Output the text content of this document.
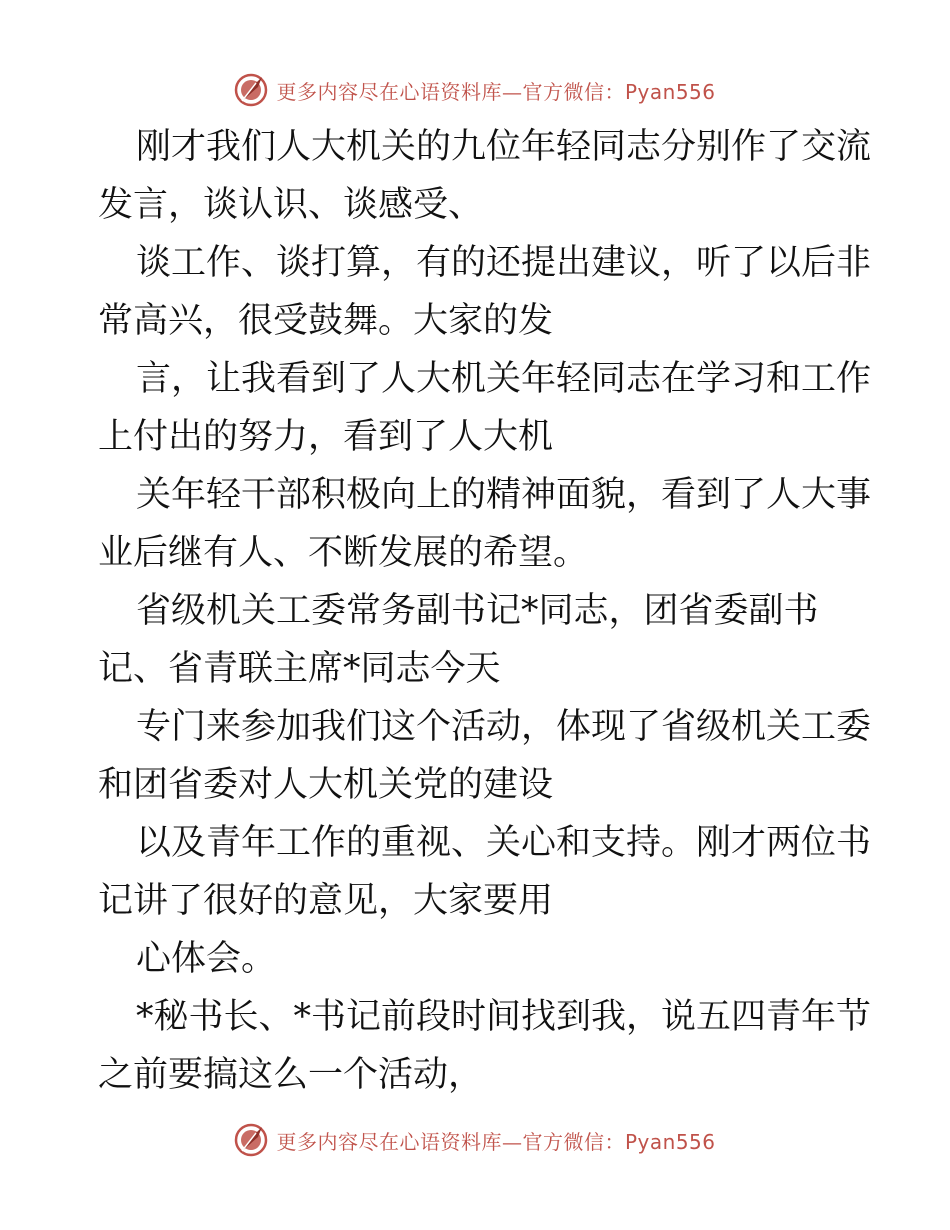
更多内容尽在心语资料库—官方微信：Pyan556

刚才我们人大机关的九位年轻同志分别作了交流

发言，谈认识、谈感受、

谈工作、谈打算，有的还提出建议，听了以后非

常高兴，很受鼓舞。大家的发

言，让我看到了人大机关年轻同志在学习和工作

上付出的努力，看到了人大机

关年轻干部积极向上的精神面貌，看到了人大事

业后继有人、不断发展的希望。

省级机关工委常务副书记*同志，团省委副书

记、省青联主席*同志今天

专门来参加我们这个活动，体现了省级机关工委

和团省委对人大机关党的建设

以及青年工作的重视、关心和支持。刚才两位书

记讲了很好的意见，大家要用

心体会。

*秘书长、*书记前段时间找到我，说五四青年节

之前要搞这么一个活动，

更多内容尽在心语资料库—官方微信：Pyan556
